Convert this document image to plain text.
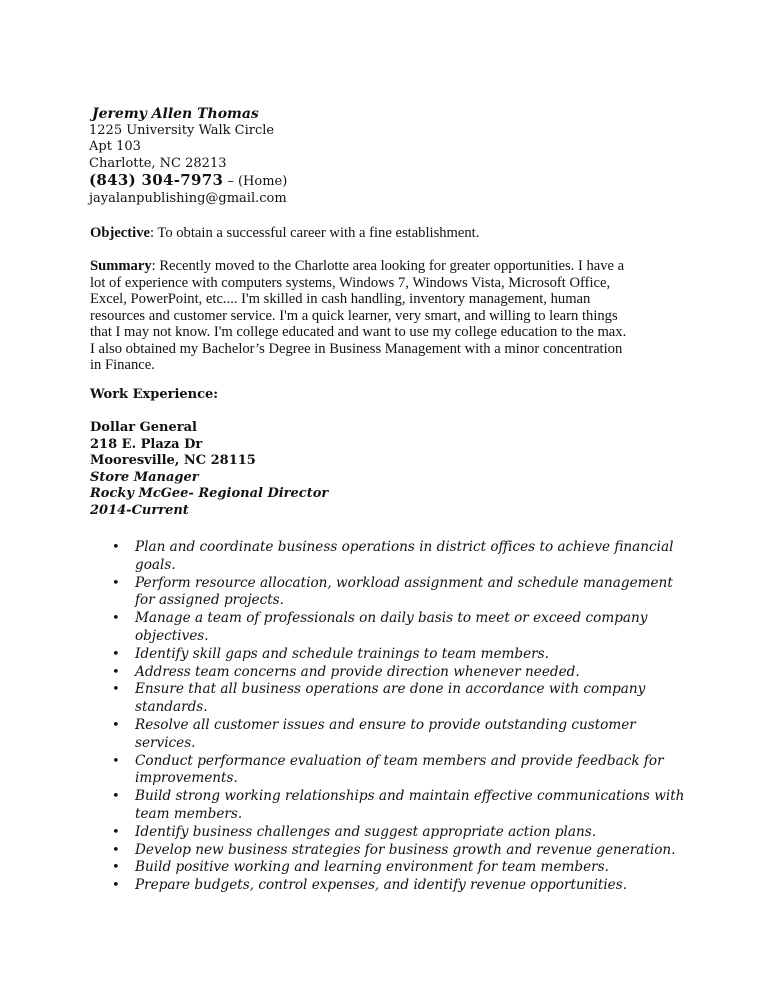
Jeremy Allen Thomas
1225 University Walk Circle
Apt 103
Charlotte, NC 28213
(843) 304-7973 – (Home)
jayalanpublishing@gmail.com
Objective: To obtain a successful career with a fine establishment.
Summary: Recently moved to the Charlotte area looking for greater opportunities. I have a
lot of experience with computers systems, Windows 7, Windows Vista, Microsoft Office,
Excel, PowerPoint, etc.... I'm skilled in cash handling, inventory management, human
resources and customer service. I'm a quick learner, very smart, and willing to learn things
that I may not know. I'm college educated and want to use my college education to the max.
I also obtained my Bachelor’s Degree in Business Management with a minor concentration
in Finance.
Work Experience:
Dollar General
218 E. Plaza Dr
Mooresville, NC 28115
Store Manager
Rocky McGee- Regional Director
2014-Current
• Plan and coordinate business operations in district offices to achieve financial
goals.
• Perform resource allocation, workload assignment and schedule management
for assigned projects.
• Manage a team of professionals on daily basis to meet or exceed company
objectives.
• Identify skill gaps and schedule trainings to team members.
• Address team concerns and provide direction whenever needed.
• Ensure that all business operations are done in accordance with company
standards.
• Resolve all customer issues and ensure to provide outstanding customer
services.
• Conduct performance evaluation of team members and provide feedback for
improvements.
• Build strong working relationships and maintain effective communications with
team members.
• Identify business challenges and suggest appropriate action plans.
• Develop new business strategies for business growth and revenue generation.
• Build positive working and learning environment for team members.
• Prepare budgets, control expenses, and identify revenue opportunities.
